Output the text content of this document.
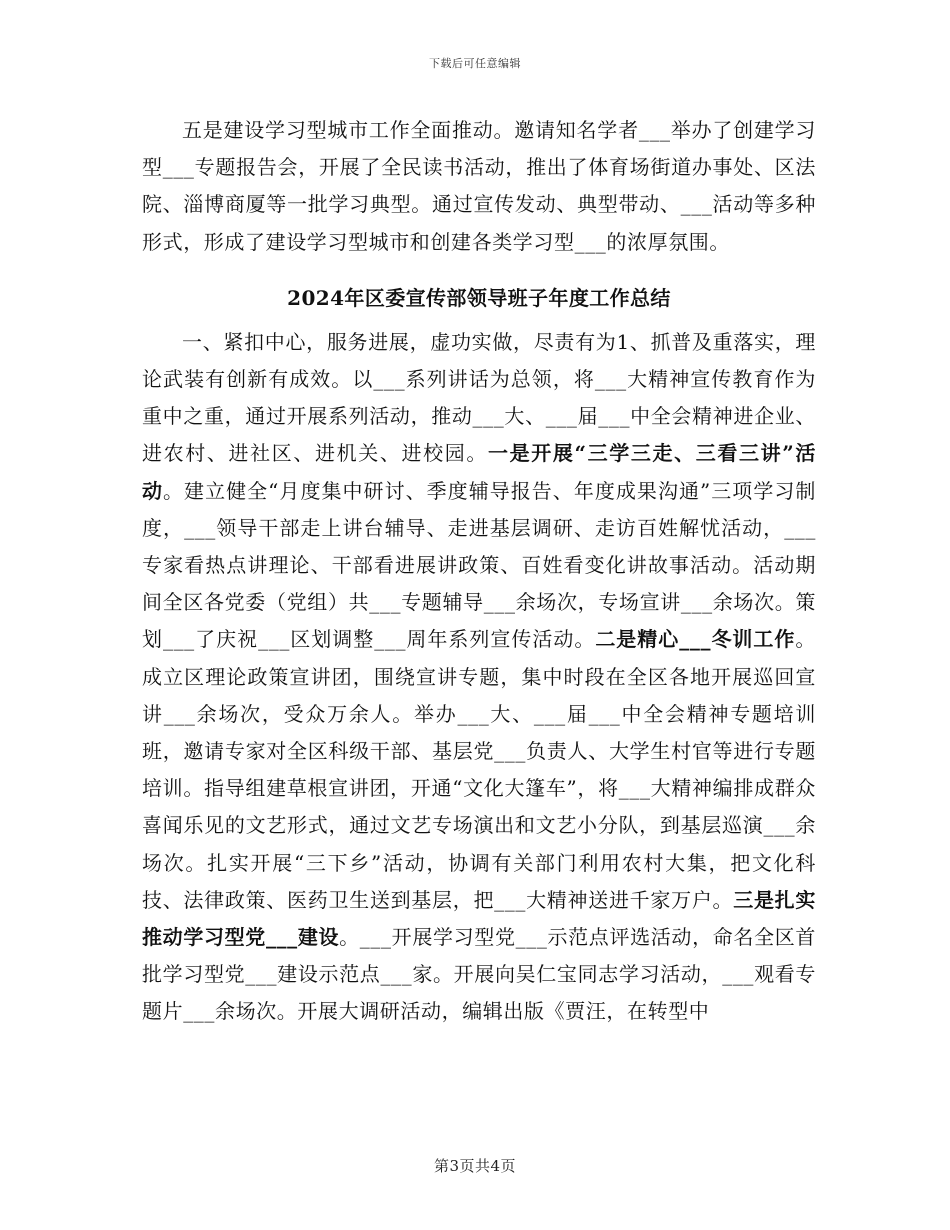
下载后可任意编辑

五是建设学习型城市工作全面推动。邀请知名学者___举办了创建学习型___专题报告会，开展了全民读书活动，推出了体育场街道办事处、区法院、淄博商厦等一批学习典型。通过宣传发动、典型带动、___活动等多种形式，形成了建设学习型城市和创建各类学习型___的浓厚氛围。

2024年区委宣传部领导班子年度工作总结

一、紧扣中心，服务进展，虚功实做，尽责有为1、抓普及重落实，理论武装有创新有成效。以___系列讲话为总领，将___大精神宣传教育作为重中之重，通过开展系列活动，推动___大、___届___中全会精神进企业、进农村、进社区、进机关、进校园。一是开展“三学三走、三看三讲”活动。建立健全“月度集中研讨、季度辅导报告、年度成果沟通”三项学习制度，___领导干部走上讲台辅导、走进基层调研、走访百姓解忧活动，___专家看热点讲理论、干部看进展讲政策、百姓看变化讲故事活动。活动期间全区各党委（党组）共___专题辅导___余场次，专场宣讲___余场次。策划___了庆祝___区划调整___周年系列宣传活动。二是精心___冬训工作。成立区理论政策宣讲团，围绕宣讲专题，集中时段在全区各地开展巡回宣讲___余场次，受众万余人。举办___大、___届___中全会精神专题培训班，邀请专家对全区科级干部、基层党___负责人、大学生村官等进行专题培训。指导组建草根宣讲团，开通“文化大篷车”，将___大精神编排成群众喜闻乐见的文艺形式，通过文艺专场演出和文艺小分队，到基层巡演___余场次。扎实开展“三下乡”活动，协调有关部门利用农村大集，把文化科技、法律政策、医药卫生送到基层，把___大精神送进千家万户。三是扎实推动学习型党___建设。___开展学习型党___示范点评选活动，命名全区首批学习型党___建设示范点___家。开展向吴仁宝同志学习活动，___观看专题片___余场次。开展大调研活动，编辑出版《贾汪，在转型中

第3页共4页
